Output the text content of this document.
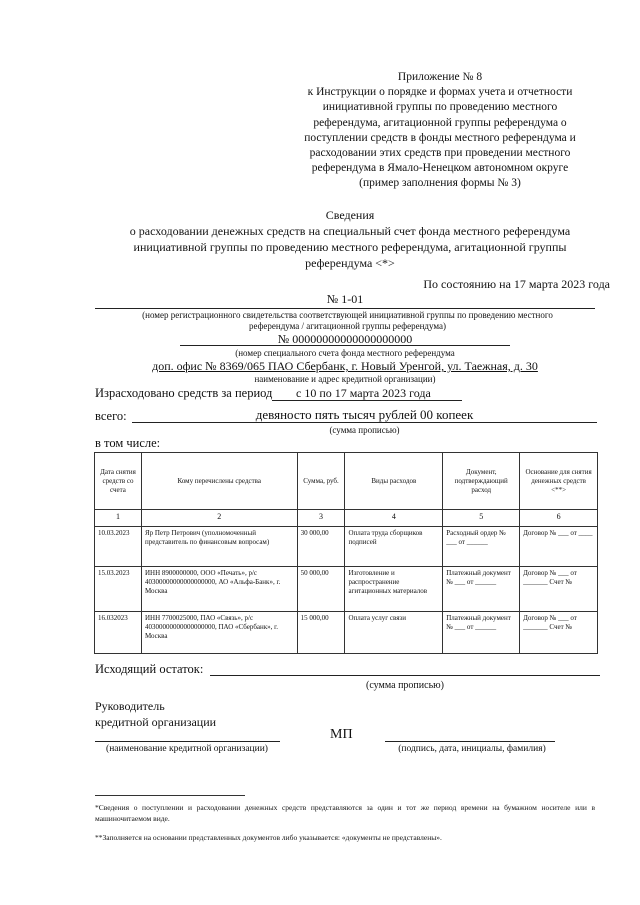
Приложение № 8
к Инструкции о порядке и формах учета и отчетности
инициативной группы по проведению местного
референдума, агитационной группы референдума о
поступлении средств в фонды местного референдума и
расходовании этих средств при проведении местного
референдума в Ямало-Ненецком автономном округе
(пример заполнения формы № 3)
Сведения
о расходовании денежных средств на специальный счет фонда местного референдума
инициативной группы по проведению местного референдума, агитационной группы
референдума <*>
По состоянию на 17 марта 2023 года
№ 1-01
(номер регистрационного свидетельства соответствующей инициативной группы по проведению местного
референдума / агитационной группы референдума)
№ 00000000000000000000
(номер специального счета фонда местного референдума
доп. офис № 8369/065 ПАО Сбербанк, г. Новый Уренгой, ул. Таежная, д. 30
наименование и адрес кредитной организации)
Израсходовано средств за период с 10 по 17 марта 2023 года
всего:	девяносто пять тысяч рублей 00 копеек
(сумма прописью)
в том числе:
Дата снятия средств со счета	Кому перечислены средства	Сумма, руб.	Виды расходов	Документ, подтверждающий расход	Основание для снятия денежных средств <**>
1	2	3	4	5	6
10.03.2023	Яр Петр Петрович (уполномоченный представитель по финансовым вопросам)	30 000,00	Оплата труда сборщиков подписей	Расходный ордер № ___ от ______	Договор № ___ от ____
15.03.2023	ИНН 8900000000, ООО «Печать», р/с 40300000000000000000, АО «Альфа-Банк», г. Москва	50 000,00	Изготовление и распространение агитационных материалов	Платежный документ № ___ от ______	Договор № ___ от _______ Счет №
16.032023	ИНН 7700025000, ПАО «Связь», р/с 40300000000000000000, ПАО «Сбербанк», г. Москва	15 000,00	Оплата услуг связи	Платежный документ № ___ от ______	Договор № ___ от _______ Счет №
Исходящий остаток:
(сумма прописью)
Руководитель
кредитной организации
МП
(наименование кредитной организации)	(подпись, дата, инициалы, фамилия)
*Сведения о поступлении и расходовании денежных средств представляются за один и тот же период времени на бумажном носителе или в машиночитаемом виде.
**Заполняется на основании представленных документов либо указывается: «документы не представлены».
